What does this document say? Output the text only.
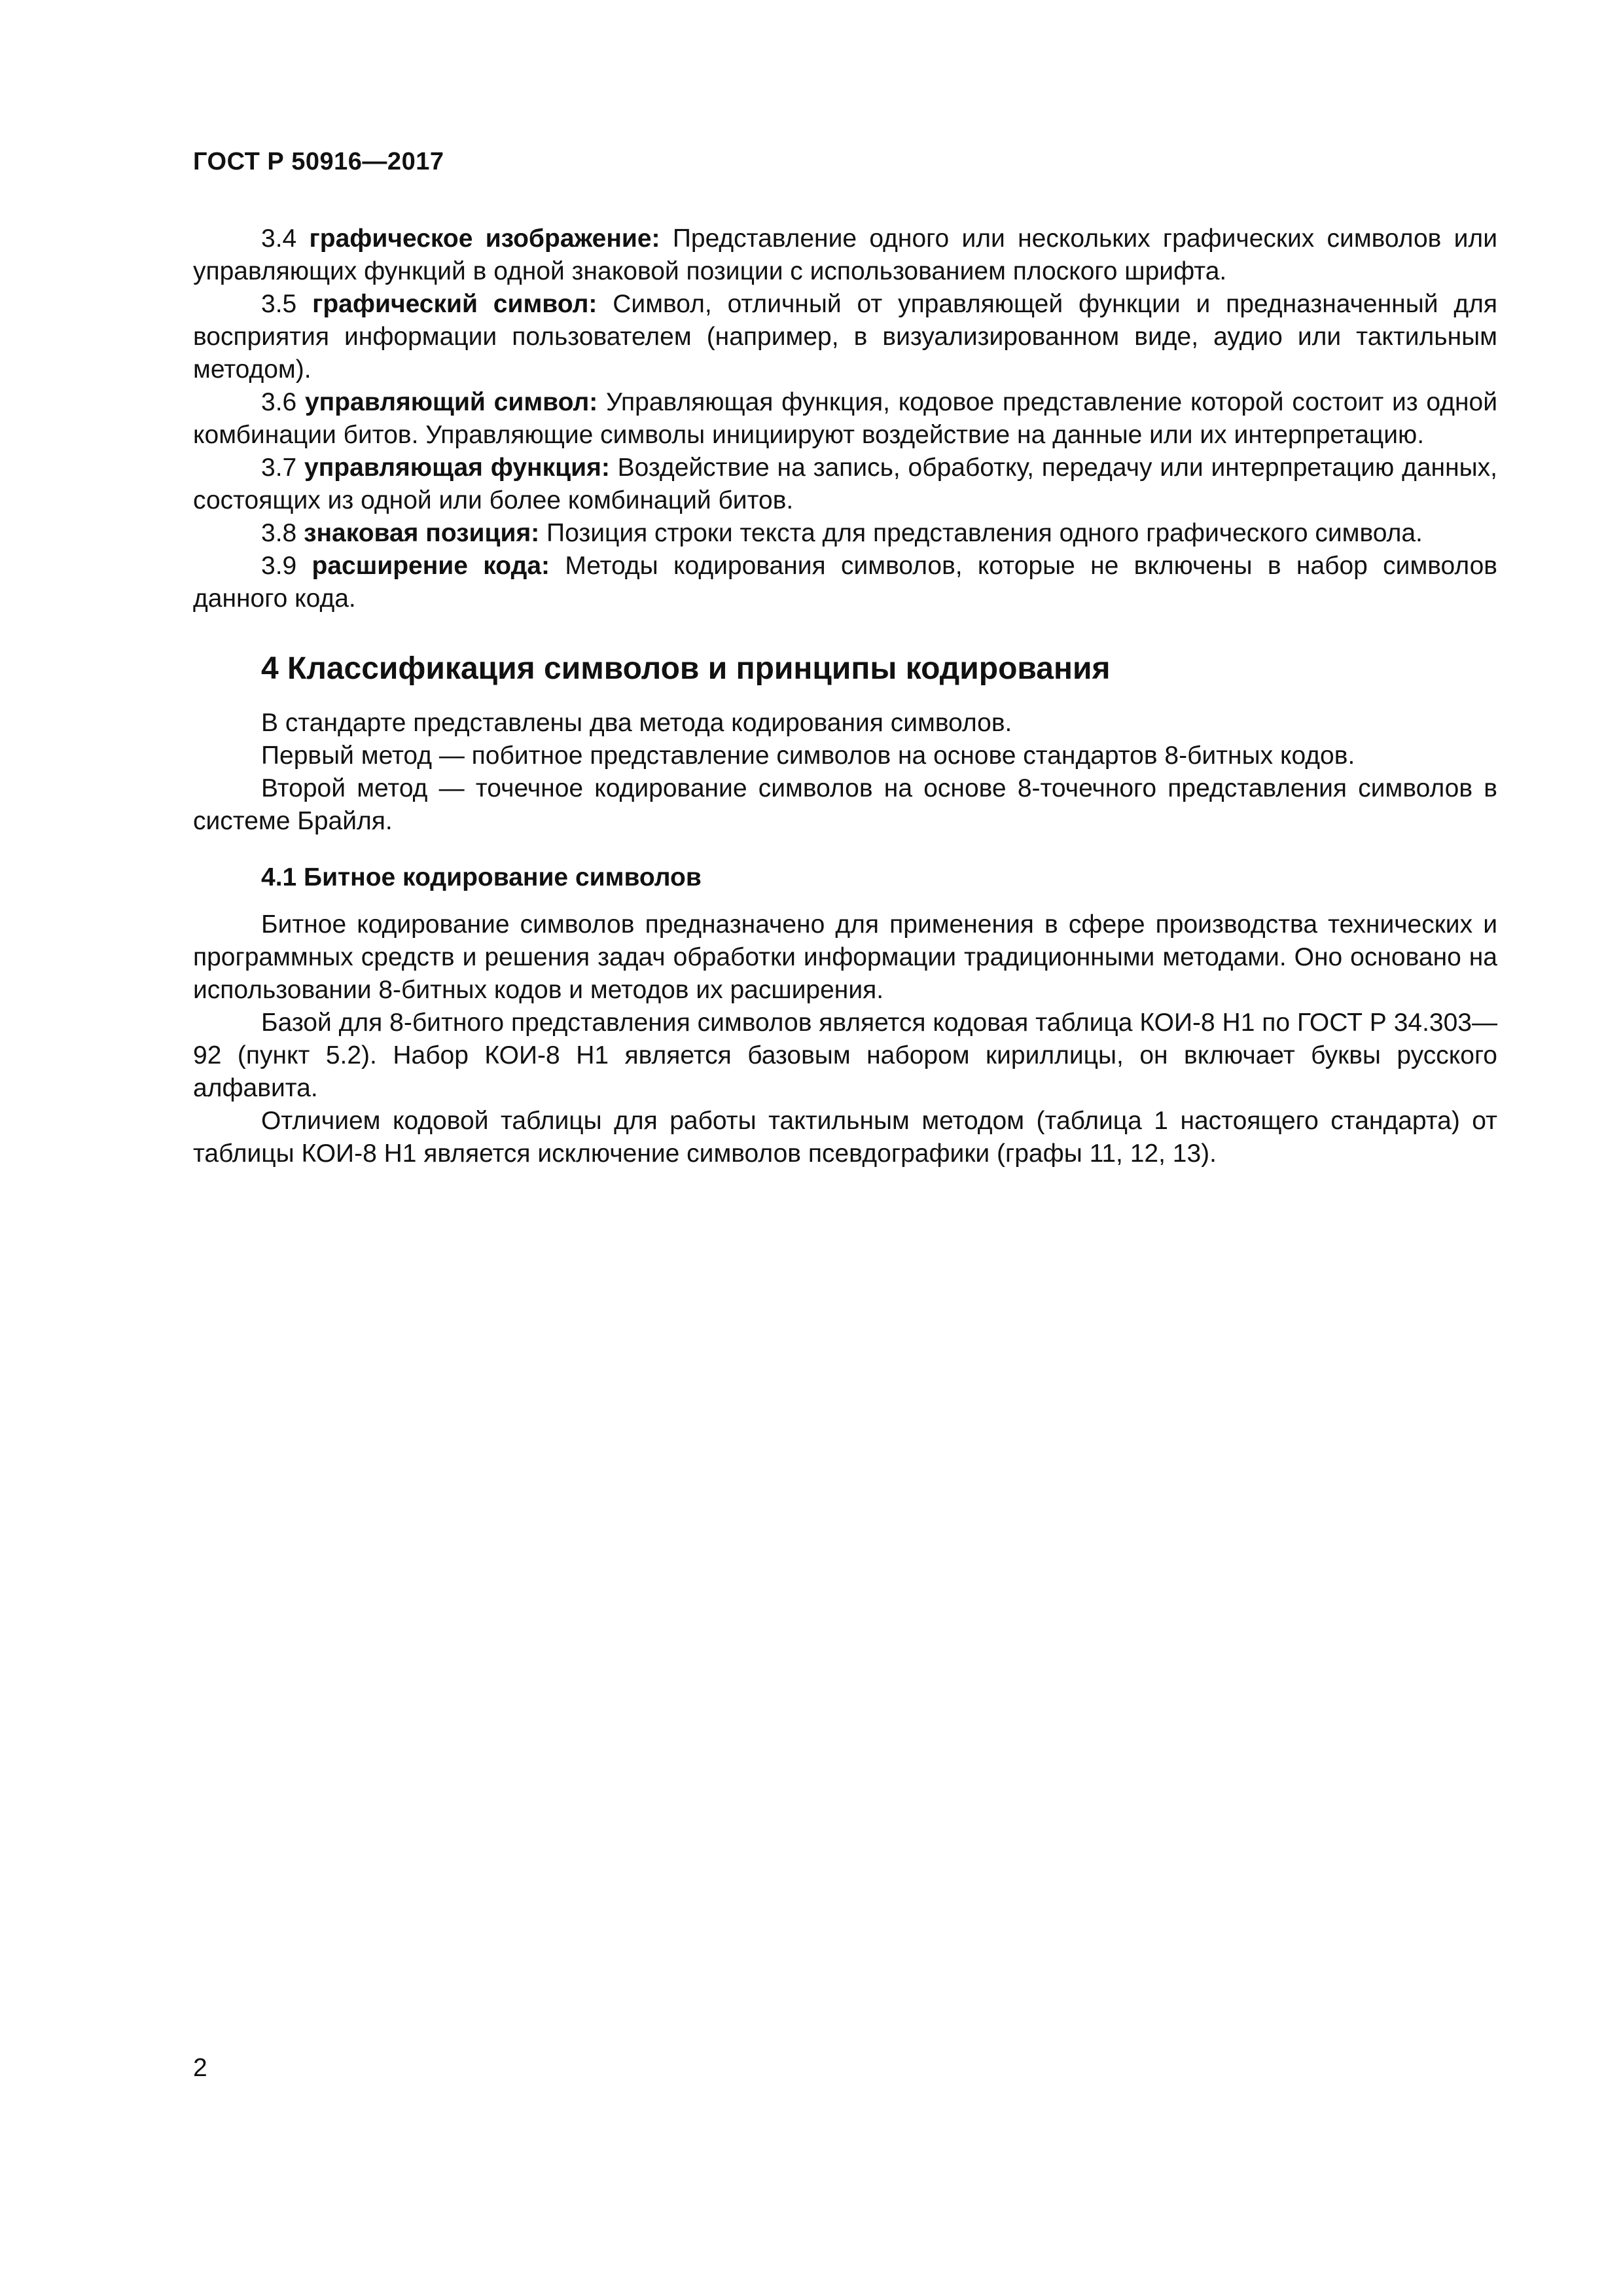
ГОСТ Р 50916—2017

3.4 графическое изображение: Представление одного или нескольких графических символов или управляющих функций в одной знаковой позиции с использованием плоского шрифта.

3.5 графический символ: Символ, отличный от управляющей функции и предназначенный для восприятия информации пользователем (например, в визуализированном виде, аудио или тактильным методом).

3.6 управляющий символ: Управляющая функция, кодовое представление которой состоит из одной комбинации битов. Управляющие символы инициируют воздействие на данные или их интерпретацию.

3.7 управляющая функция: Воздействие на запись, обработку, передачу или интерпретацию данных, состоящих из одной или более комбинаций битов.

3.8 знаковая позиция: Позиция строки текста для представления одного графического символа.

3.9 расширение кода: Методы кодирования символов, которые не включены в набор символов данного кода.

4 Классификация символов и принципы кодирования

В стандарте представлены два метода кодирования символов.

Первый метод — побитное представление символов на основе стандартов 8-битных кодов.

Второй метод — точечное кодирование символов на основе 8-точечного представления символов в системе Брайля.

4.1 Битное кодирование символов

Битное кодирование символов предназначено для применения в сфере производства технических и программных средств и решения задач обработки информации традиционными методами. Оно основано на использовании 8-битных кодов и методов их расширения.

Базой для 8-битного представления символов является кодовая таблица КОИ-8 Н1 по ГОСТ Р 34.303—92 (пункт 5.2). Набор КОИ-8 Н1 является базовым набором кириллицы, он включает буквы русского алфавита.

Отличием кодовой таблицы для работы тактильным методом (таблица 1 настоящего стандарта) от таблицы КОИ-8 Н1 является исключение символов псевдографики (графы 11, 12, 13).

2
